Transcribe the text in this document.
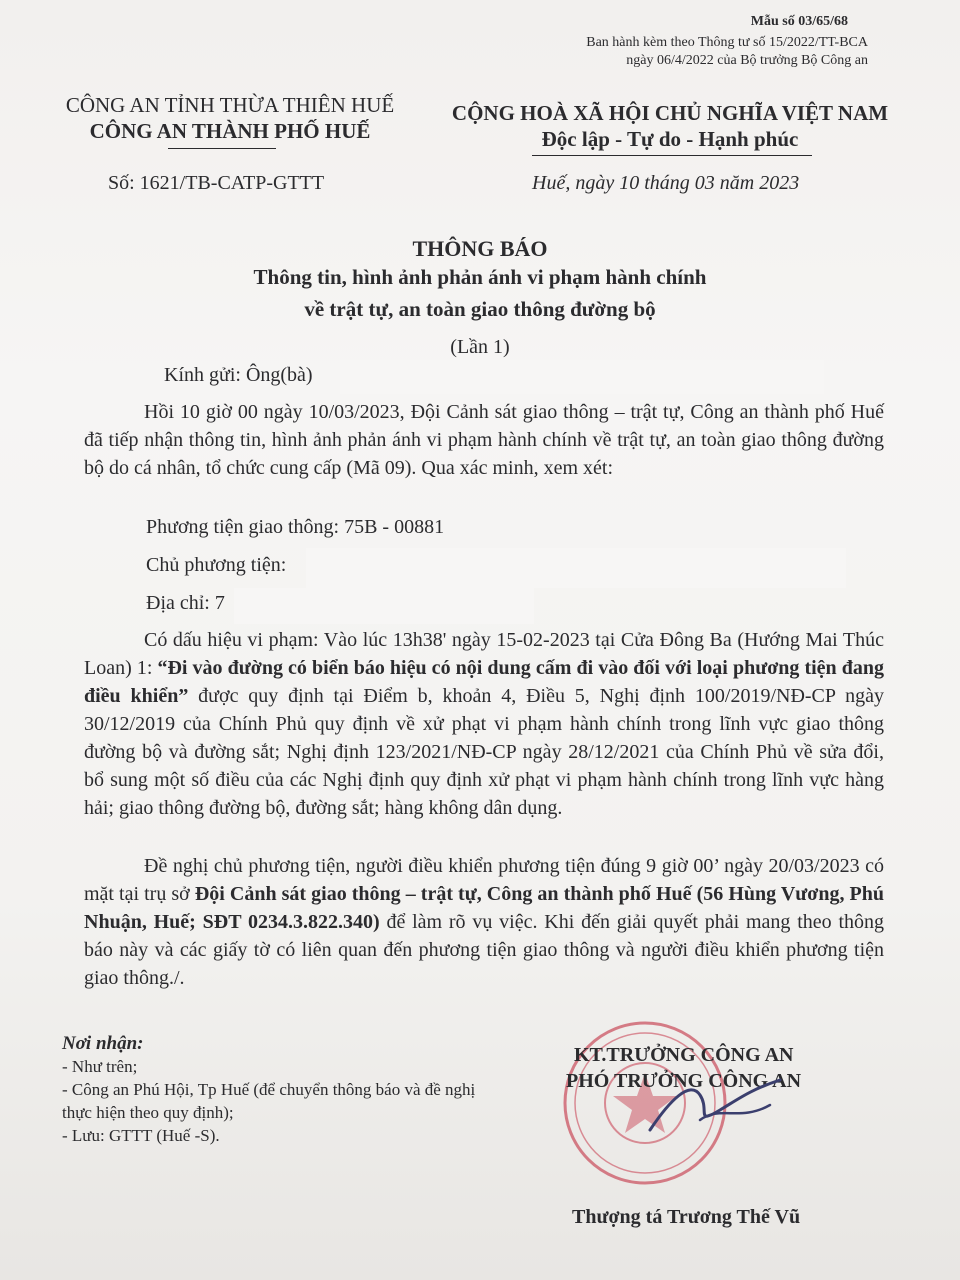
Mẫu số 03/65/68
Ban hành kèm theo Thông tư số 15/2022/TT-BCA
ngày 06/4/2022 của Bộ trưởng Bộ Công an
CÔNG AN TỈNH THỪA THIÊN HUẾ
CÔNG AN THÀNH PHỐ HUẾ
CỘNG HOÀ XÃ HỘI CHỦ NGHĨA VIỆT NAM
Độc lập - Tự do - Hạnh phúc
Số: 1621/TB-CATP-GTTT	Huế, ngày 10 tháng 03 năm 2023
THÔNG BÁO
Thông tin, hình ảnh phản ánh vi phạm hành chính
về trật tự, an toàn giao thông đường bộ
(Lần 1)
Kính gửi: Ông(bà)

Hồi 10 giờ 00 ngày 10/03/2023, Đội Cảnh sát giao thông – trật tự, Công an thành phố Huế đã tiếp nhận thông tin, hình ảnh phản ánh vi phạm hành chính về trật tự, an toàn giao thông đường bộ do cá nhân, tổ chức cung cấp (Mã 09). Qua xác minh, xem xét:

Phương tiện giao thông: 75B - 00881
Chủ phương tiện:
Địa chỉ: 7

Có dấu hiệu vi phạm: Vào lúc 13h38' ngày 15-02-2023 tại Cửa Đông Ba (Hướng Mai Thúc Loan) 1: “Đi vào đường có biển báo hiệu có nội dung cấm đi vào đối với loại phương tiện đang điều khiển” được quy định tại Điểm b, khoản 4, Điều 5, Nghị định 100/2019/NĐ-CP ngày 30/12/2019 của Chính Phủ quy định về xử phạt vi phạm hành chính trong lĩnh vực giao thông đường bộ và đường sắt; Nghị định 123/2021/NĐ-CP ngày 28/12/2021 của Chính Phủ về sửa đổi, bổ sung một số điều của các Nghị định quy định xử phạt vi phạm hành chính trong lĩnh vực hàng hải; giao thông đường bộ, đường sắt; hàng không dân dụng.

Đề nghị chủ phương tiện, người điều khiển phương tiện đúng 9 giờ 00’ ngày 20/03/2023 có mặt tại trụ sở Đội Cảnh sát giao thông – trật tự, Công an thành phố Huế (56 Hùng Vương, Phú Nhuận, Huế; SĐT 0234.3.822.340) để làm rõ vụ việc. Khi đến giải quyết phải mang theo thông báo này và các giấy tờ có liên quan đến phương tiện giao thông và người điều khiển phương tiện giao thông./.

Nơi nhận:
- Như trên;
- Công an Phú Hội, Tp Huế (để chuyển thông báo và đề nghị thực hiện theo quy định);
- Lưu: GTTT (Huế -S).
KT.TRƯỞNG CÔNG AN
PHÓ TRƯỞNG CÔNG AN
Thượng tá Trương Thế Vũ
